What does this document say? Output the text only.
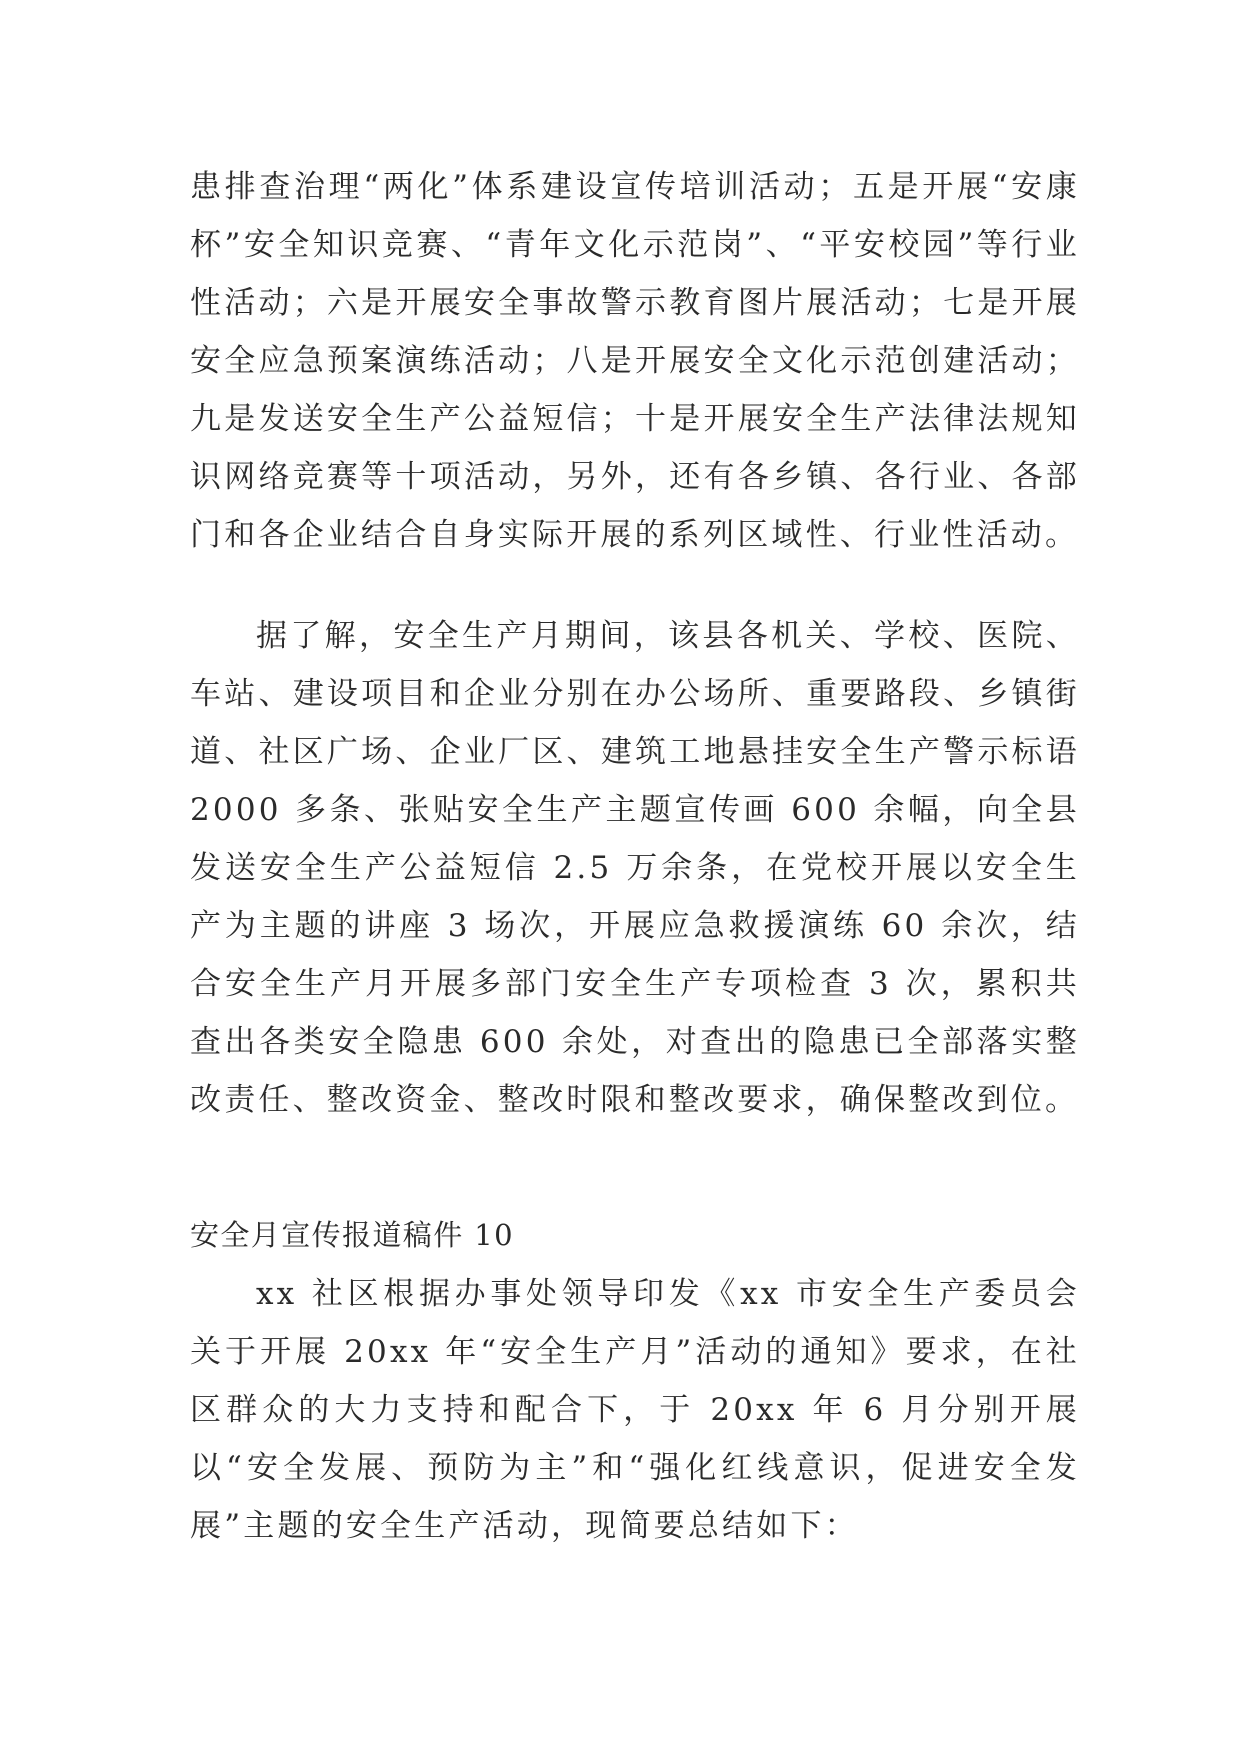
患排查治理“两化”体系建设宣传培训活动；五是开展“安康杯”安全知识竞赛、“青年文化示范岗”、“平安校园”等行业性活动；六是开展安全事故警示教育图片展活动；七是开展安全应急预案演练活动；八是开展安全文化示范创建活动；九是发送安全生产公益短信；十是开展安全生产法律法规知识网络竞赛等十项活动，另外，还有各乡镇、各行业、各部门和各企业结合自身实际开展的系列区域性、行业性活动。

据了解，安全生产月期间，该县各机关、学校、医院、车站、建设项目和企业分别在办公场所、重要路段、乡镇街道、社区广场、企业厂区、建筑工地悬挂安全生产警示标语2000 多条、张贴安全生产主题宣传画 600 余幅，向全县发送安全生产公益短信 2.5 万余条，在党校开展以安全生产为主题的讲座 3 场次，开展应急救援演练 60 余次，结合安全生产月开展多部门安全生产专项检查 3 次，累积共查出各类安全隐患 600 余处，对查出的隐患已全部落实整改责任、整改资金、整改时限和整改要求，确保整改到位。

安全月宣传报道稿件 10

xx 社区根据办事处领导印发《xx 市安全生产委员会关于开展 20xx 年“安全生产月”活动的通知》要求，在社区群众的大力支持和配合下，于 20xx 年 6 月分别开展以“安全发展、预防为主”和“强化红线意识，促进安全发展”主题的安全生产活动，现简要总结如下：
